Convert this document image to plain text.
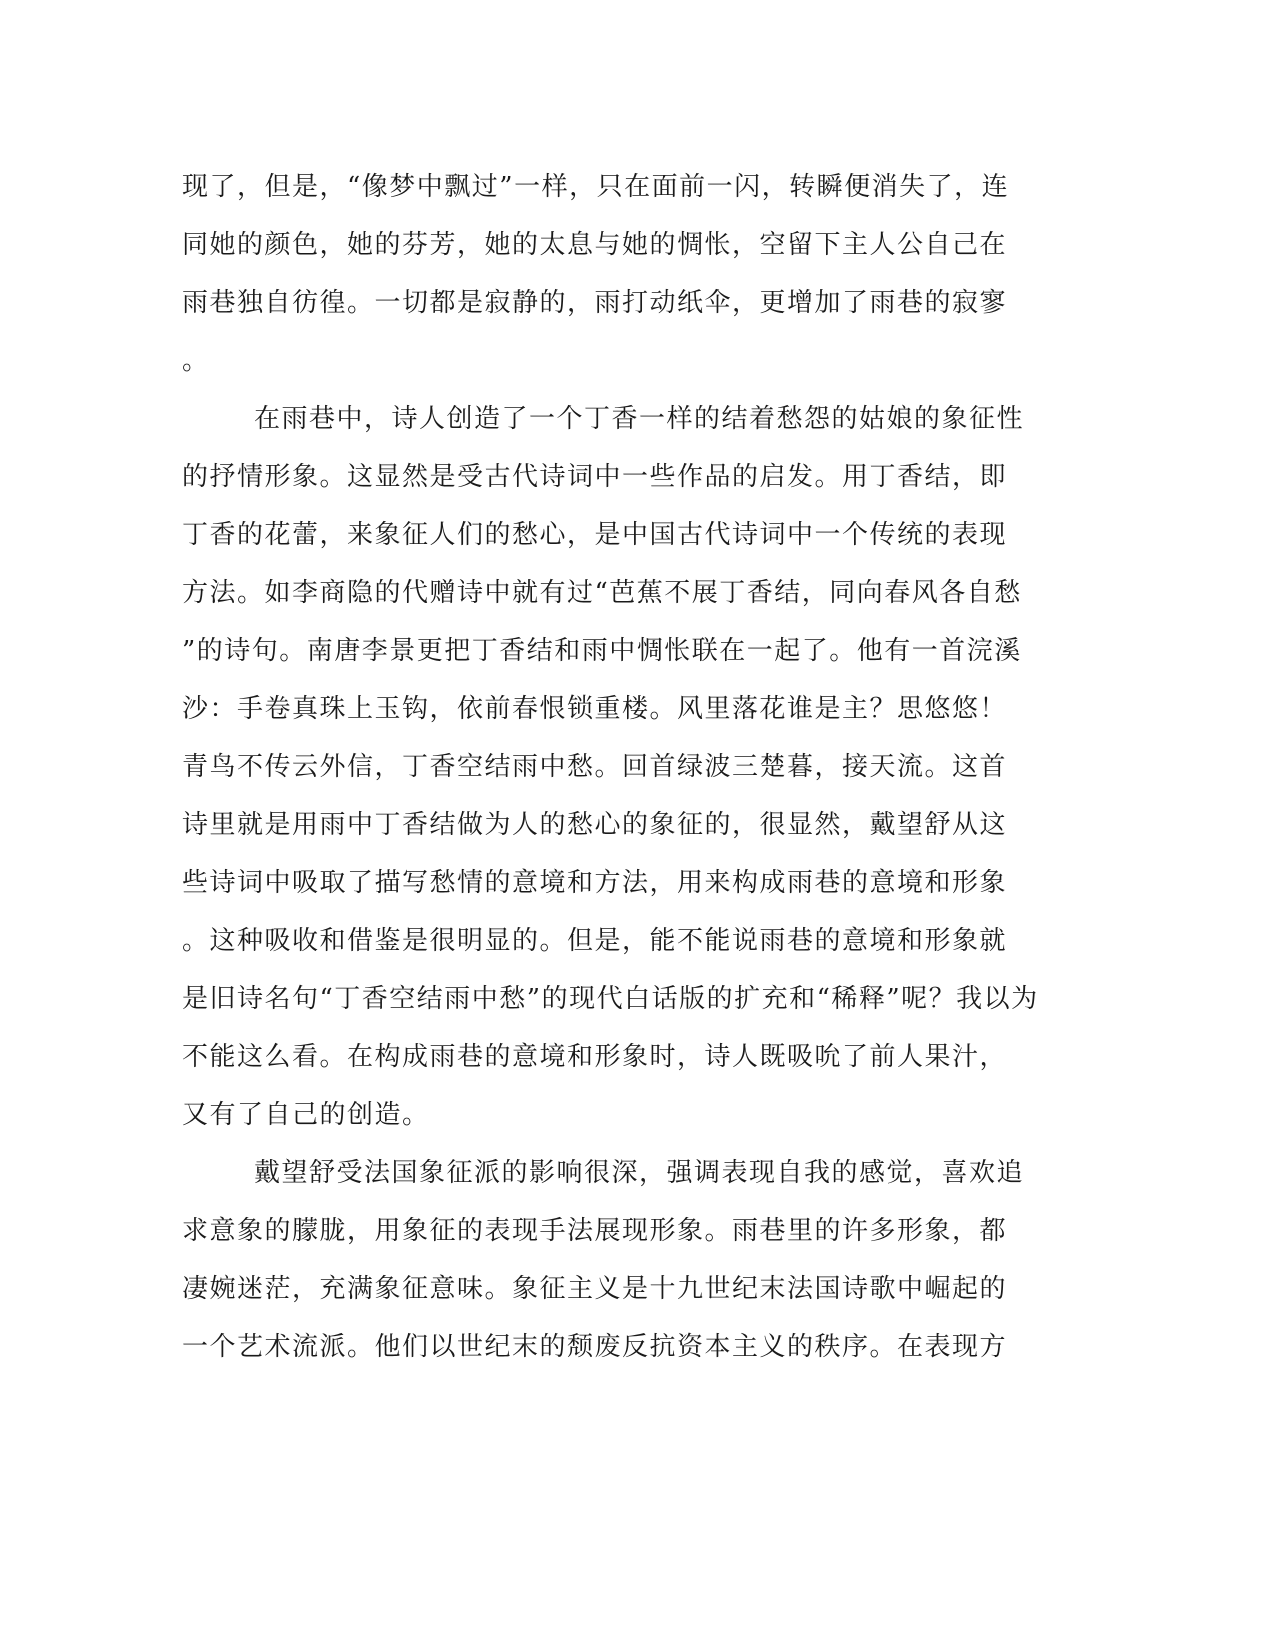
现了，但是，“像梦中飘过”一样，只在面前一闪，转瞬便消失了，连
同她的颜色，她的芬芳，她的太息与她的惆怅，空留下主人公自己在
雨巷独自彷徨。一切都是寂静的，雨打动纸伞，更增加了雨巷的寂寥
。
在雨巷中，诗人创造了一个丁香一样的结着愁怨的姑娘的象征性
的抒情形象。这显然是受古代诗词中一些作品的启发。用丁香结，即
丁香的花蕾，来象征人们的愁心，是中国古代诗词中一个传统的表现
方法。如李商隐的代赠诗中就有过“芭蕉不展丁香结，同向春风各自愁
”的诗句。南唐李景更把丁香结和雨中惆怅联在一起了。他有一首浣溪
沙：手卷真珠上玉钩，依前春恨锁重楼。风里落花谁是主？思悠悠！
青鸟不传云外信，丁香空结雨中愁。回首绿波三楚暮，接天流。这首
诗里就是用雨中丁香结做为人的愁心的象征的，很显然，戴望舒从这
些诗词中吸取了描写愁情的意境和方法，用来构成雨巷的意境和形象
。这种吸收和借鉴是很明显的。但是，能不能说雨巷的意境和形象就
是旧诗名句“丁香空结雨中愁”的现代白话版的扩充和“稀释”呢？我以为
不能这么看。在构成雨巷的意境和形象时，诗人既吸吮了前人果汁，
又有了自己的创造。
戴望舒受法国象征派的影响很深，强调表现自我的感觉，喜欢追
求意象的朦胧，用象征的表现手法展现形象。雨巷里的许多形象，都
凄婉迷茫，充满象征意味。象征主义是十九世纪末法国诗歌中崛起的
一个艺术流派。他们以世纪末的颓废反抗资本主义的秩序。在表现方
